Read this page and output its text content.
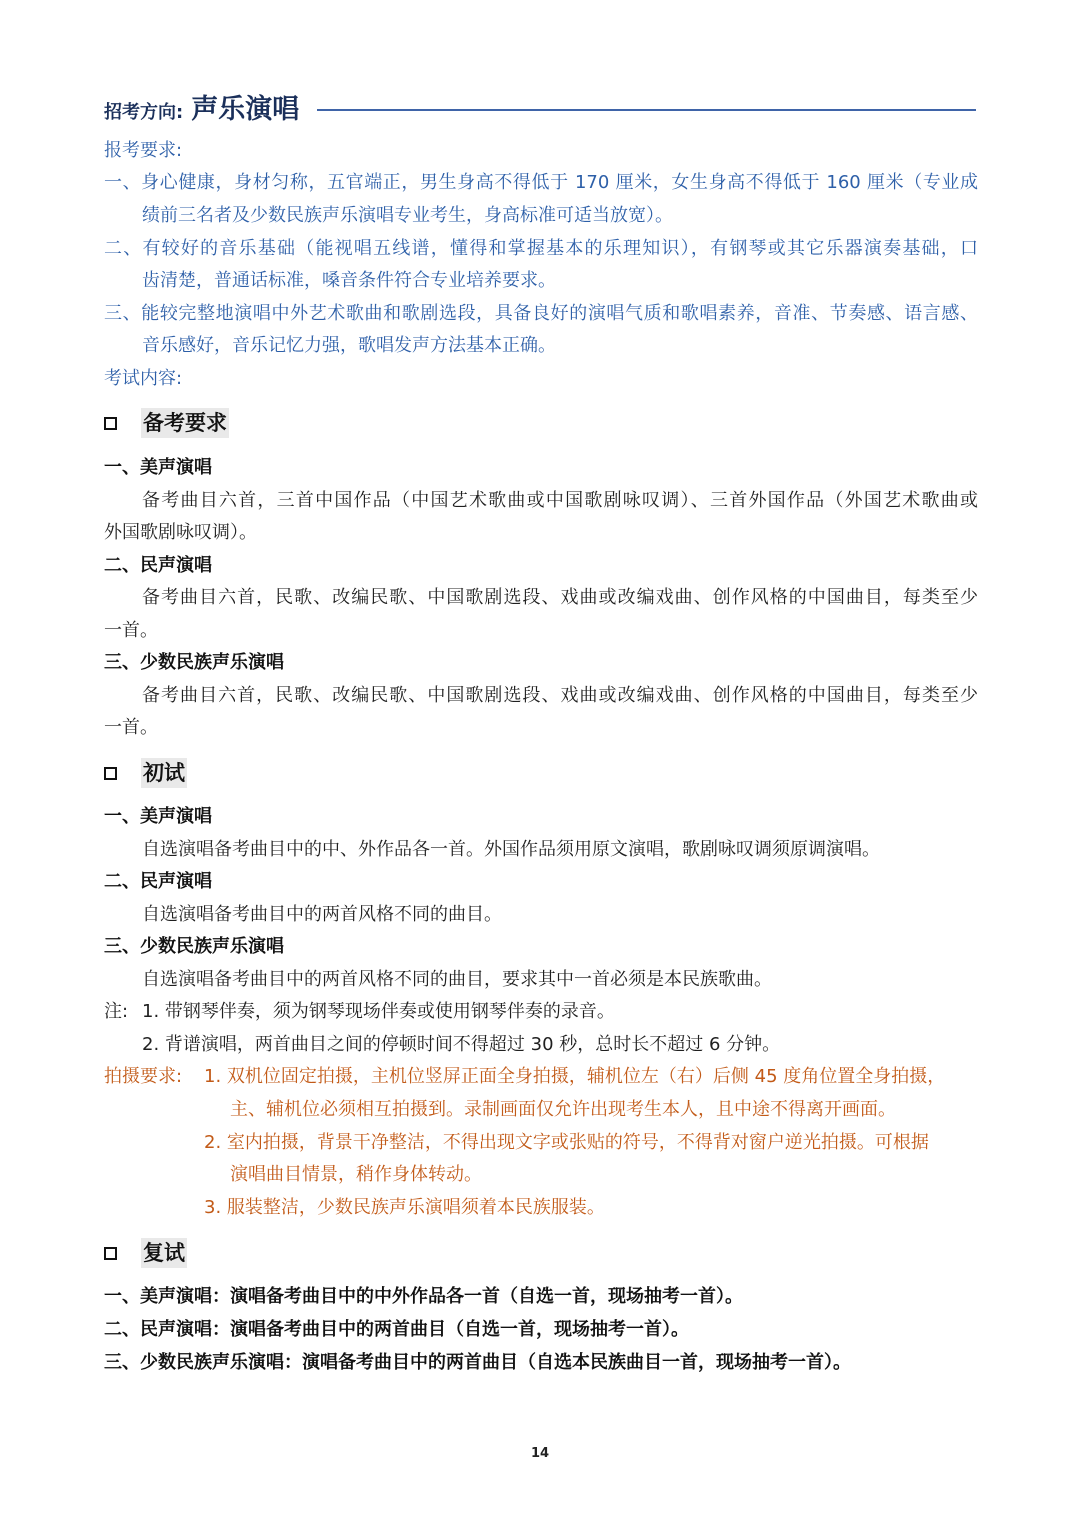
招考方向: 声乐演唱
报考要求:
一、身心健康，身材匀称，五官端正，男生身高不得低于 170 厘米，女生身高不得低于 160 厘米（专业成
绩前三名者及少数民族声乐演唱专业考生，身高标准可适当放宽）。
二、有较好的音乐基础（能视唱五线谱，懂得和掌握基本的乐理知识），有钢琴或其它乐器演奏基础，口
齿清楚，普通话标准，嗓音条件符合专业培养要求。
三、能较完整地演唱中外艺术歌曲和歌剧选段，具备良好的演唱气质和歌唱素养，音准、节奏感、语言感、
音乐感好，音乐记忆力强，歌唱发声方法基本正确。
考试内容:
备考要求
一、美声演唱
备考曲目六首，三首中国作品（中国艺术歌曲或中国歌剧咏叹调）、三首外国作品（外国艺术歌曲或
外国歌剧咏叹调）。
二、民声演唱
备考曲目六首，民歌、改编民歌、中国歌剧选段、戏曲或改编戏曲、创作风格的中国曲目，每类至少
一首。
三、少数民族声乐演唱
备考曲目六首，民歌、改编民歌、中国歌剧选段、戏曲或改编戏曲、创作风格的中国曲目，每类至少
一首。
初试
一、美声演唱
自选演唱备考曲目中的中、外作品各一首。外国作品须用原文演唱，歌剧咏叹调须原调演唱。
二、民声演唱
自选演唱备考曲目中的两首风格不同的曲目。
三、少数民族声乐演唱
自选演唱备考曲目中的两首风格不同的曲目，要求其中一首必须是本民族歌曲。
注: 1. 带钢琴伴奏，须为钢琴现场伴奏或使用钢琴伴奏的录音。
2. 背谱演唱，两首曲目之间的停顿时间不得超过 30 秒，总时长不超过 6 分钟。
拍摄要求:	1. 双机位固定拍摄，主机位竖屏正面全身拍摄，辅机位左（右）后侧 45 度角位置全身拍摄，
主、辅机位必须相互拍摄到。录制画面仅允许出现考生本人，且中途不得离开画面。
2. 室内拍摄，背景干净整洁，不得出现文字或张贴的符号，不得背对窗户逆光拍摄。可根据
演唱曲目情景，稍作身体转动。
3. 服装整洁，少数民族声乐演唱须着本民族服装。
复试
一、美声演唱：演唱备考曲目中的中外作品各一首（自选一首，现场抽考一首）。
二、民声演唱：演唱备考曲目中的两首曲目（自选一首，现场抽考一首）。
三、少数民族声乐演唱：演唱备考曲目中的两首曲目（自选本民族曲目一首，现场抽考一首）。
14
